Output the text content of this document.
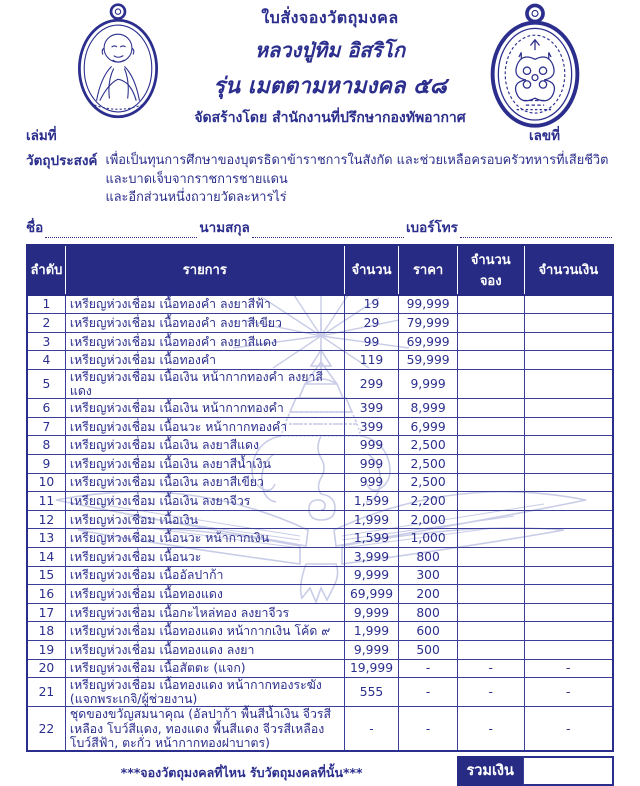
ใบสั่งจองวัตถุมงคล
หลวงปู่ทิม อิสริโก
รุ่น เมตตามหามงคล ๕๘
จัดสร้างโดย สำนักงานที่ปรึกษากองทัพอากาศ
เล่มที่	เลขที่
วัตถุประสงค์ เพื่อเป็นทุนการศึกษาของบุตรธิดาข้าราชการในสังกัด และช่วยเหลือครอบครัวทหารที่เสียชีวิตและบาดเจ็บจากราชการชายแดน
และอีกส่วนหนึ่งถวายวัดละหารไร่
ชื่อ	นามสกุล	เบอร์โทร
ลำดับ	รายการ	จำนวน	ราคา	จำนวนจอง	จำนวนเงิน
1	เหรียญห่วงเชื่อม เนื้อทองคำ ลงยาสีฟ้า	19	99,999		
2	เหรียญห่วงเชื่อม เนื้อทองคำ ลงยาสีเขียว	29	79,999		
3	เหรียญห่วงเชื่อม เนื้อทองคำ ลงยาสีแดง	99	69,999		
4	เหรียญห่วงเชื่อม เนื้อทองคำ	119	59,999		
5	เหรียญห่วงเชื่อม เนื้อเงิน หน้ากากทองคำ ลงยาสีแดง	299	9,999		
6	เหรียญห่วงเชื่อม เนื้อเงิน หน้ากากทองคำ	399	8,999		
7	เหรียญห่วงเชื่อม เนื้อนวะ หน้ากากทองคำ	399	6,999		
8	เหรียญห่วงเชื่อม เนื้อเงิน ลงยาสีแดง	999	2,500		
9	เหรียญห่วงเชื่อม เนื้อเงิน ลงยาสีน้ำเงิน	999	2,500		
10	เหรียญห่วงเชื่อม เนื้อเงิน ลงยาสีเขียว	999	2,500		
11	เหรียญห่วงเชื่อม เนื้อเงิน ลงยาจีวร	1,599	2,200		
12	เหรียญห่วงเชื่อม เนื้อเงิน	1,999	2,000		
13	เหรียญห่วงเชื่อม เนื้อนวะ หน้ากากเงิน	1,599	1,000		
14	เหรียญห่วงเชื่อม เนื้อนวะ	3,999	800		
15	เหรียญห่วงเชื่อม เนื้ออัลปาก้า	9,999	300		
16	เหรียญห่วงเชื่อม เนื้อทองแดง	69,999	200		
17	เหรียญห่วงเชื่อม เนื้อกะไหล่ทอง ลงยาจีวร	9,999	800		
18	เหรียญห่วงเชื่อม เนื้อทองแดง หน้ากากเงิน โค้ด ๙	1,999	600		
19	เหรียญห่วงเชื่อม เนื้อทองแดง ลงยา	9,999	500		
20	เหรียญห่วงเชื่อม เนื้อสัตตะ (แจก)	19,999	-	-	-
21	เหรียญห่วงเชื่อม เนื้อทองแดง หน้ากากทองระฆัง (แจกพระเกจิ/ผู้ช่วยงาน)	555	-	-	-
22	ชุดของขวัญสมนาคุณ (อัลปาก้า พื้นสีน้ำเงิน จีวรสีเหลือง โบว์สีแดง, ทองแดง พื้นสีแดง จีวรสีเหลือง โบว์สีฟ้า, ตะกั่ว หน้ากากทองฝาบาตร)	-	-	-	-
***จองวัตถุมงคลที่ไหน รับวัตถุมงคลที่นั้น***	รวมเงิน
